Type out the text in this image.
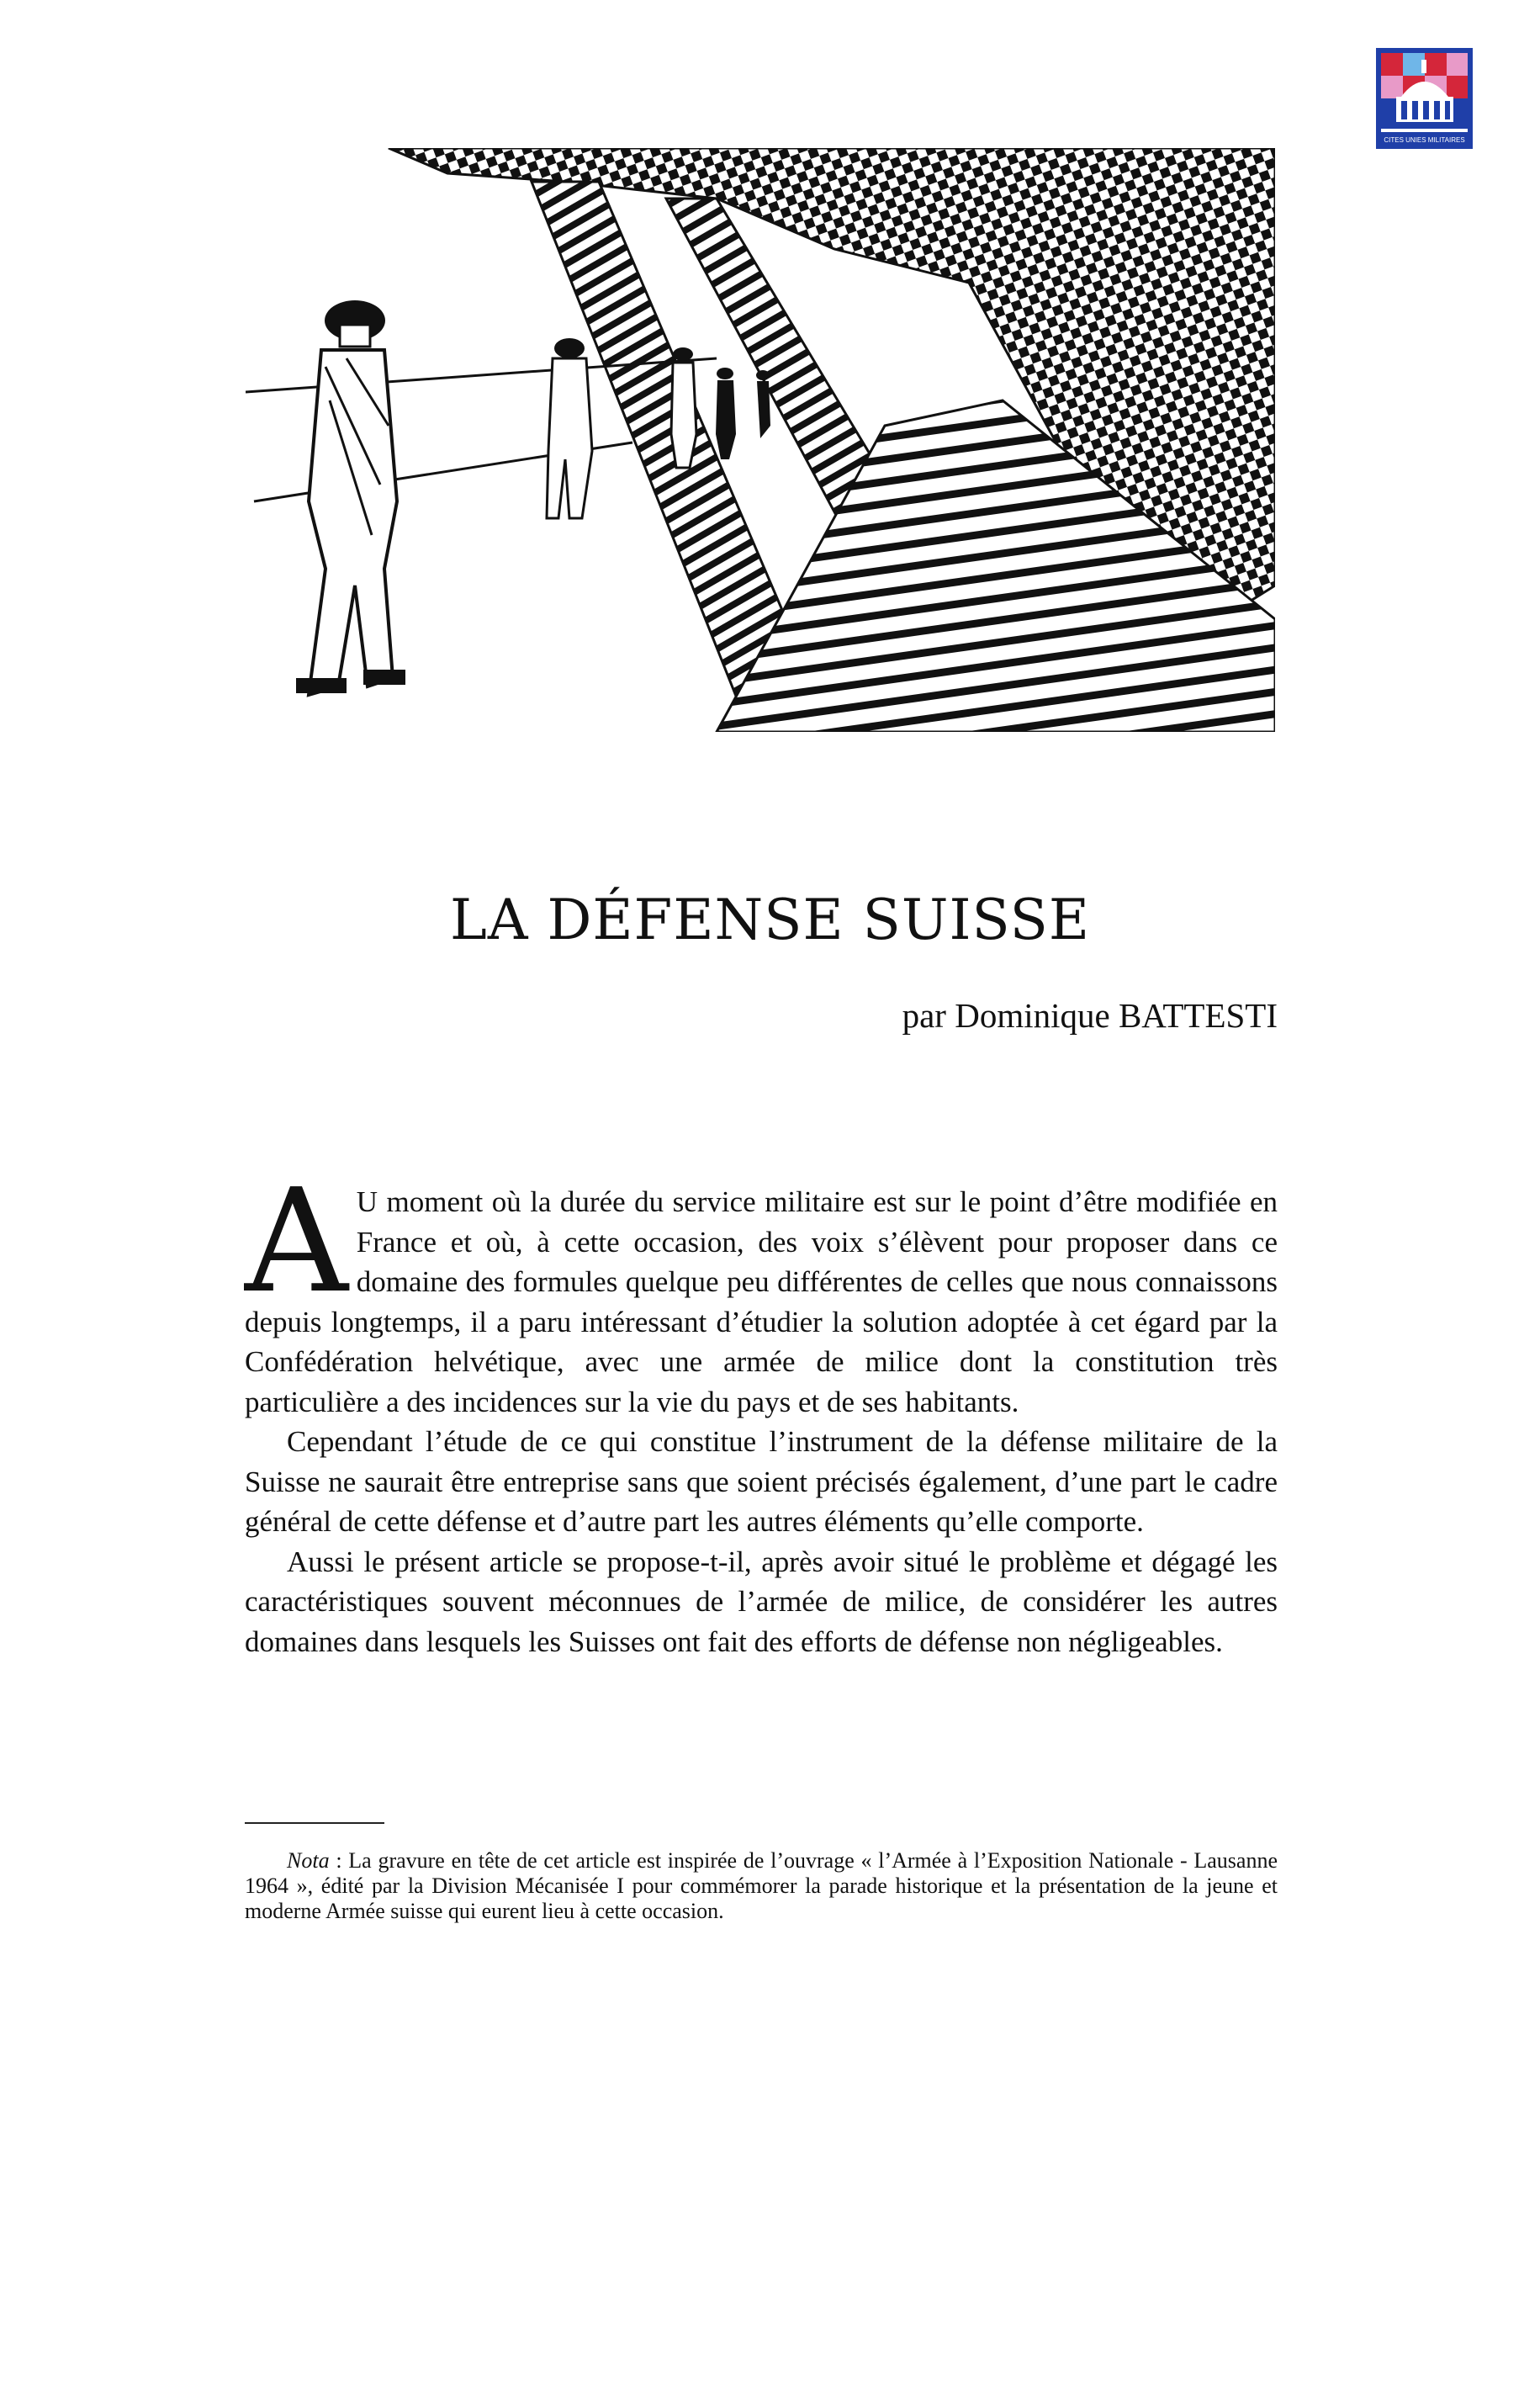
CITES UNIES MILITAIRES
LA DÉFENSE SUISSE

par Dominique BATTESTI

A U moment où la durée du service militaire est sur le point d’être modifiée en France et où, à cette occasion, des voix s’élèvent pour proposer dans ce domaine des formules quelque peu différentes de celles que nous connaissons depuis longtemps, il a paru intéressant d’étudier la solution adoptée à cet égard par la Confédération helvétique, avec une armée de milice dont la constitution très particulière a des incidences sur la vie du pays et de ses habitants.

Cependant l’étude de ce qui constitue l’instrument de la défense militaire de la Suisse ne saurait être entreprise sans que soient précisés également, d’une part le cadre général de cette défense et d’autre part les autres éléments qu’elle comporte.

Aussi le présent article se propose-t-il, après avoir situé le problème et dégagé les caractéristiques souvent méconnues de l’armée de milice, de considérer les autres domaines dans lesquels les Suisses ont fait des efforts de défense non négligeables.

Nota : La gravure en tête de cet article est inspirée de l’ouvrage « l’Armée à l’Exposition Nationale - Lausanne 1964 », édité par la Division Mécanisée I pour commémorer la parade historique et la présentation de la jeune et moderne Armée suisse qui eurent lieu à cette occasion.
